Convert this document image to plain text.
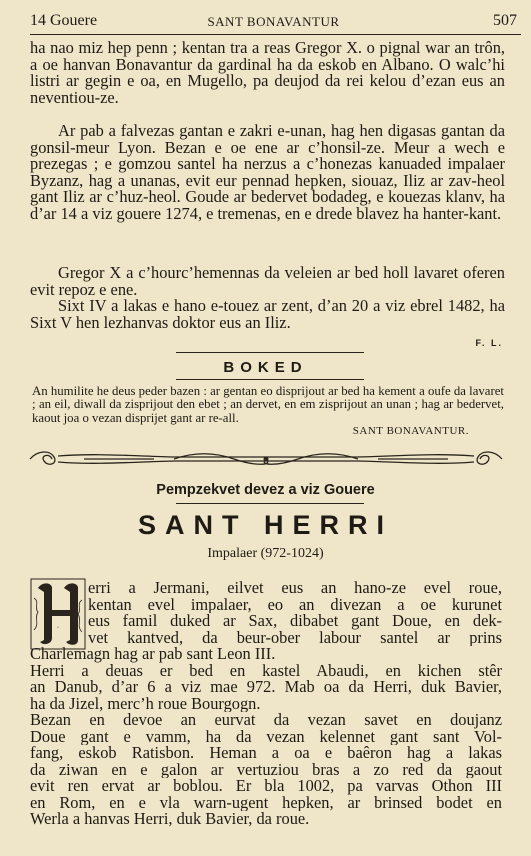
14 Gouere	SANT BONAVANTUR	507
ha nao miz hep penn ; kentan tra a reas Gregor X. o pignal war an trôn, a oe hanvan Bonavantur da gardinal ha da eskob en Albano. O walc’hi listri ar gegin e oa, en Mugello, pa deujod da rei kelou d’ezan eus an neventiou-ze.
Ar pab a falvezas gantan e zakri e-unan, hag hen digasas gantan da gonsil-meur Lyon. Bezan e oe ene ar c’honsil-ze. Meur a wech e prezegas ; e gomzou santel ha nerzus a c’honezas kanuaded impalaer Byzanz, hag a unanas, evit eur pennad hepken, siouaz, Iliz ar zav-heol gant Iliz ar c’huz-heol. Goude ar bedervet bodadeg, e kouezas klanv, ha d’ar 14 a viz gouere 1274, e tremenas, en e drede blavez ha hanter-kant.
Gregor X a c’hourc’hemennas da veleien ar bed holl lavaret oferen evit repoz e ene.
Sixt IV a lakas e hano e-touez ar zent, d’an 20 a viz ebrel 1482, ha Sixt V hen lezhanvas doktor eus an Iliz.
F. L.
BOKED
An humilite he deus peder bazen : ar gentan eo disprijout ar bed ha kement a oufe da lavaret ; an eil, diwall da zisprijout den ebet ; an dervet, en em zisprijout an unan ; hag ar bedervet, kaout joa o vezan disprijet gant ar re-all.
SANT BONAVANTUR.
Pempzekvet devez a viz Gouere
SANT HERRI
Impalaer (972-1024)
H
erri a Jermani, eilvet eus an hano-ze evel roue,
kentan evel impalaer, eo an divezan a oe kurunet
eus famil duked ar Sax, dibabet gant Doue, en dek-
vet kantved, da beur-ober labour santel ar prins
Charlemagn hag ar pab sant Leon III.
Herri a deuas er bed en kastel Abaudi, en kichen stêr
an Danub, d’ar 6 a viz mae 972. Mab oa da Herri, duk Bavier,
ha da Jizel, merc’h roue Bourgogn.
Bezan en devoe an eurvat da vezan savet en doujanz
Doue gant e vamm, ha da vezan kelennet gant sant Vol-
fang, eskob Ratisbon. Heman a oa e baêron hag a lakas
da ziwan en e galon ar vertuziou bras a zo red da gaout
evit ren ervat ar boblou. Er bla 1002, pa varvas Othon III
en Rom, en e vla warn-ugent hepken, ar brinsed bodet en
Werla a hanvas Herri, duk Bavier, da roue.
